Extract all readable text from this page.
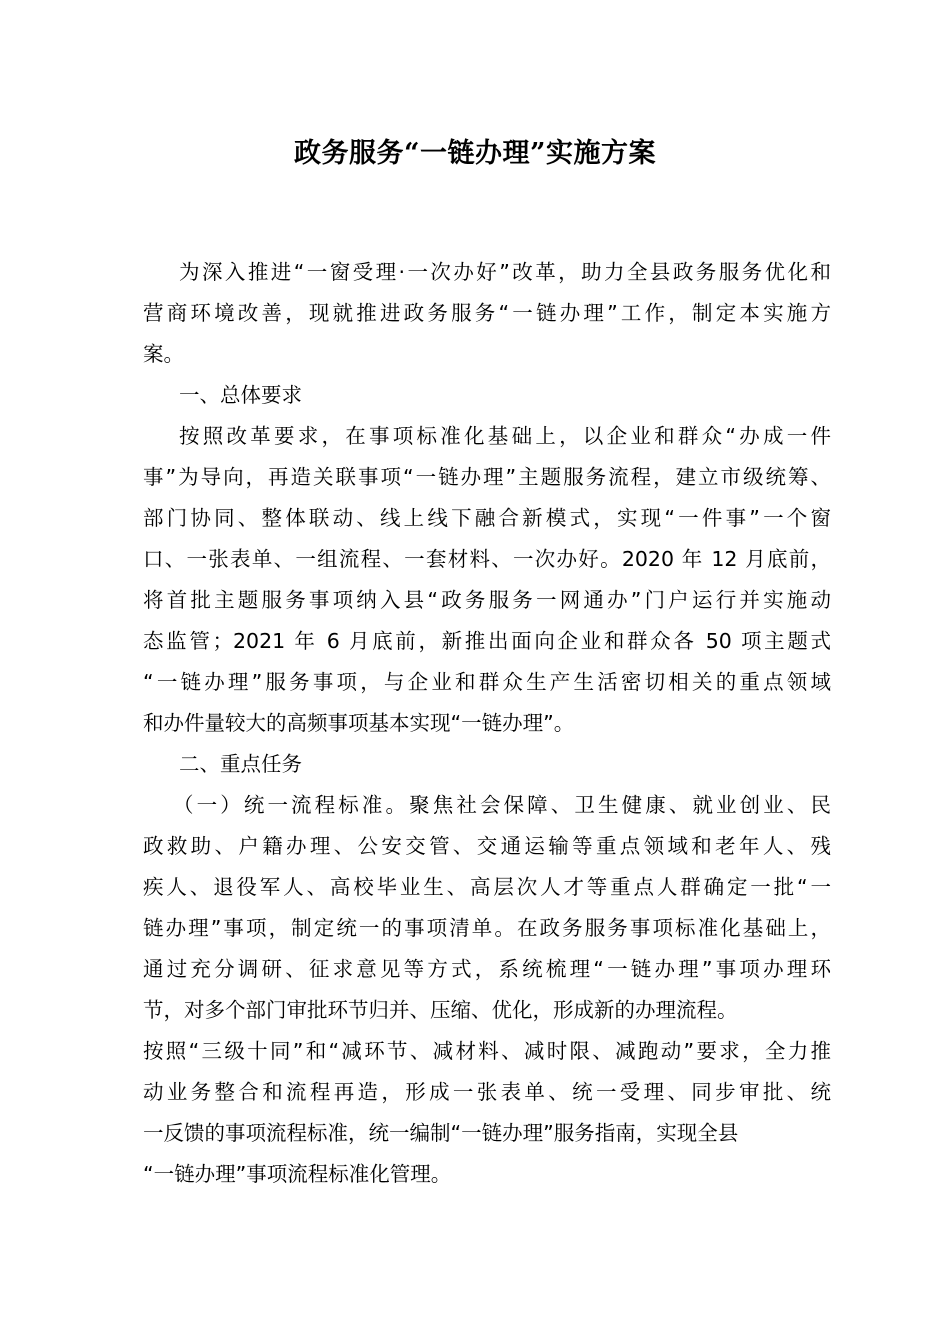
政务服务“一链办理”实施方案
为深入推进“一窗受理·一次办好”改革，助力全县政务服务优化和
营商环境改善，现就推进政务服务“一链办理”工作，制定本实施方
案。
一、总体要求
按照改革要求，在事项标准化基础上，以企业和群众“办成一件
事”为导向，再造关联事项“一链办理”主题服务流程，建立市级统筹、
部门协同、整体联动、线上线下融合新模式，实现“一件事”一个窗
口、一张表单、一组流程、一套材料、一次办好。2020 年 12 月底前，
将首批主题服务事项纳入县“政务服务一网通办”门户运行并实施动
态监管；2021 年 6 月底前，新推出面向企业和群众各 50 项主题式
“一链办理”服务事项，与企业和群众生产生活密切相关的重点领域
和办件量较大的高频事项基本实现“一链办理”。
二、重点任务
（一）统一流程标准。聚焦社会保障、卫生健康、就业创业、民
政救助、户籍办理、公安交管、交通运输等重点领域和老年人、残
疾人、退役军人、高校毕业生、高层次人才等重点人群确定一批“一
链办理”事项，制定统一的事项清单。在政务服务事项标准化基础上，
通过充分调研、征求意见等方式，系统梳理“一链办理”事项办理环
节，对多个部门审批环节归并、压缩、优化，形成新的办理流程。
按照“三级十同”和“减环节、减材料、减时限、减跑动”要求，全力推
动业务整合和流程再造，形成一张表单、统一受理、同步审批、统
一反馈的事项流程标准，统一编制“一链办理”服务指南，实现全县
“一链办理”事项流程标准化管理。
